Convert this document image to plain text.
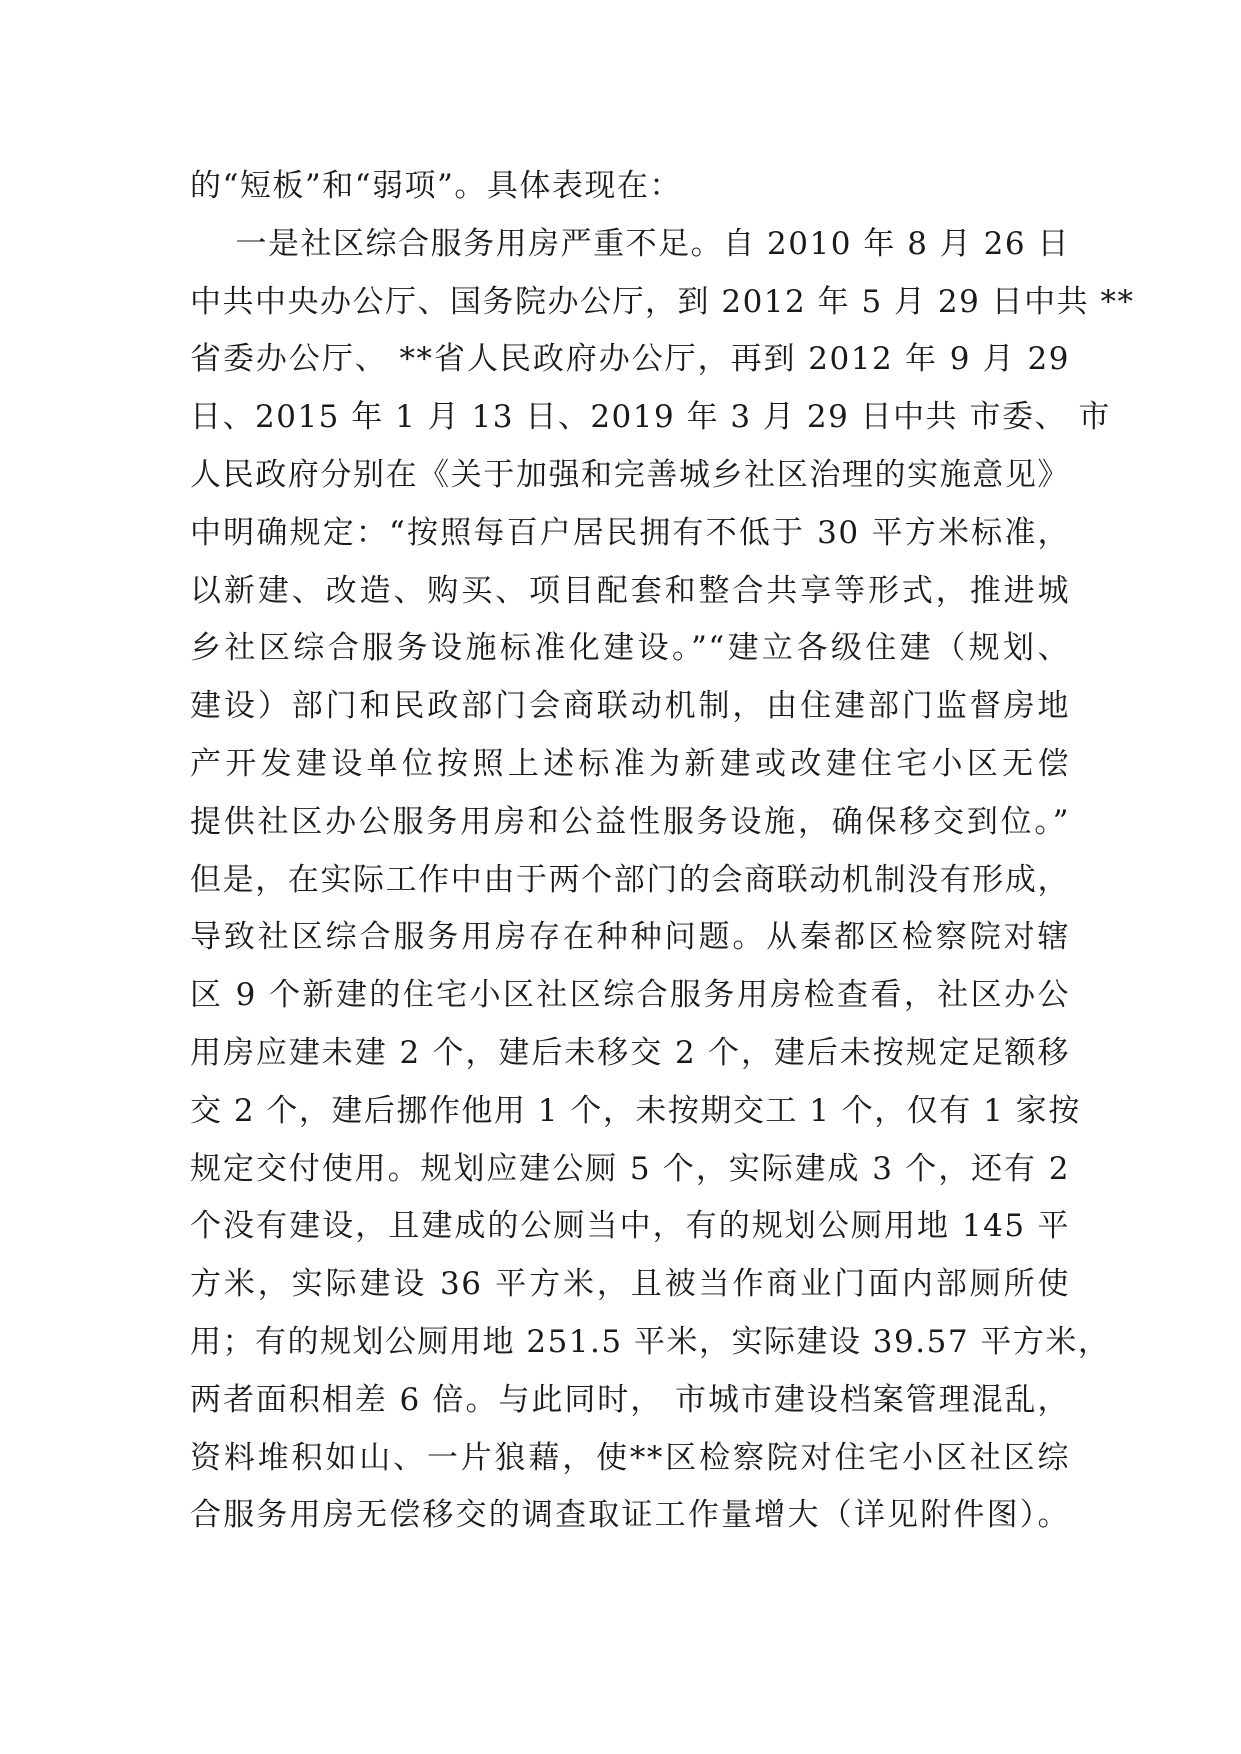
的“短板”和“弱项”。具体表现在：
一是社区综合服务用房严重不足。自 2010 年 8 月 26 日
中共中央办公厅、国务院办公厅，到 2012 年 5 月 29 日中共 **
省委办公厅、 **省人民政府办公厅，再到 2012 年 9 月 29
日、2015 年 1 月 13 日、2019 年 3 月 29 日中共 市委、 市
人民政府分别在《关于加强和完善城乡社区治理的实施意见》
中明确规定：“按照每百户居民拥有不低于 30 平方米标准，
以新建、改造、购买、项目配套和整合共享等形式，推进城
乡社区综合服务设施标准化建设。”“建立各级住建（规划、
建设）部门和民政部门会商联动机制，由住建部门监督房地
产开发建设单位按照上述标准为新建或改建住宅小区无偿
提供社区办公服务用房和公益性服务设施，确保移交到位。”
但是，在实际工作中由于两个部门的会商联动机制没有形成，
导致社区综合服务用房存在种种问题。从秦都区检察院对辖
区 9 个新建的住宅小区社区综合服务用房检查看，社区办公
用房应建未建 2 个，建后未移交 2 个，建后未按规定足额移
交 2 个，建后挪作他用 1 个，未按期交工 1 个，仅有 1 家按
规定交付使用。规划应建公厕 5 个，实际建成 3 个，还有 2
个没有建设，且建成的公厕当中，有的规划公厕用地 145 平
方米，实际建设 36 平方米，且被当作商业门面内部厕所使
用；有的规划公厕用地 251.5 平米，实际建设 39.57 平方米，
两者面积相差 6 倍。与此同时， 市城市建设档案管理混乱，
资料堆积如山、一片狼藉，使**区检察院对住宅小区社区综
合服务用房无偿移交的调查取证工作量增大（详见附件图）。
